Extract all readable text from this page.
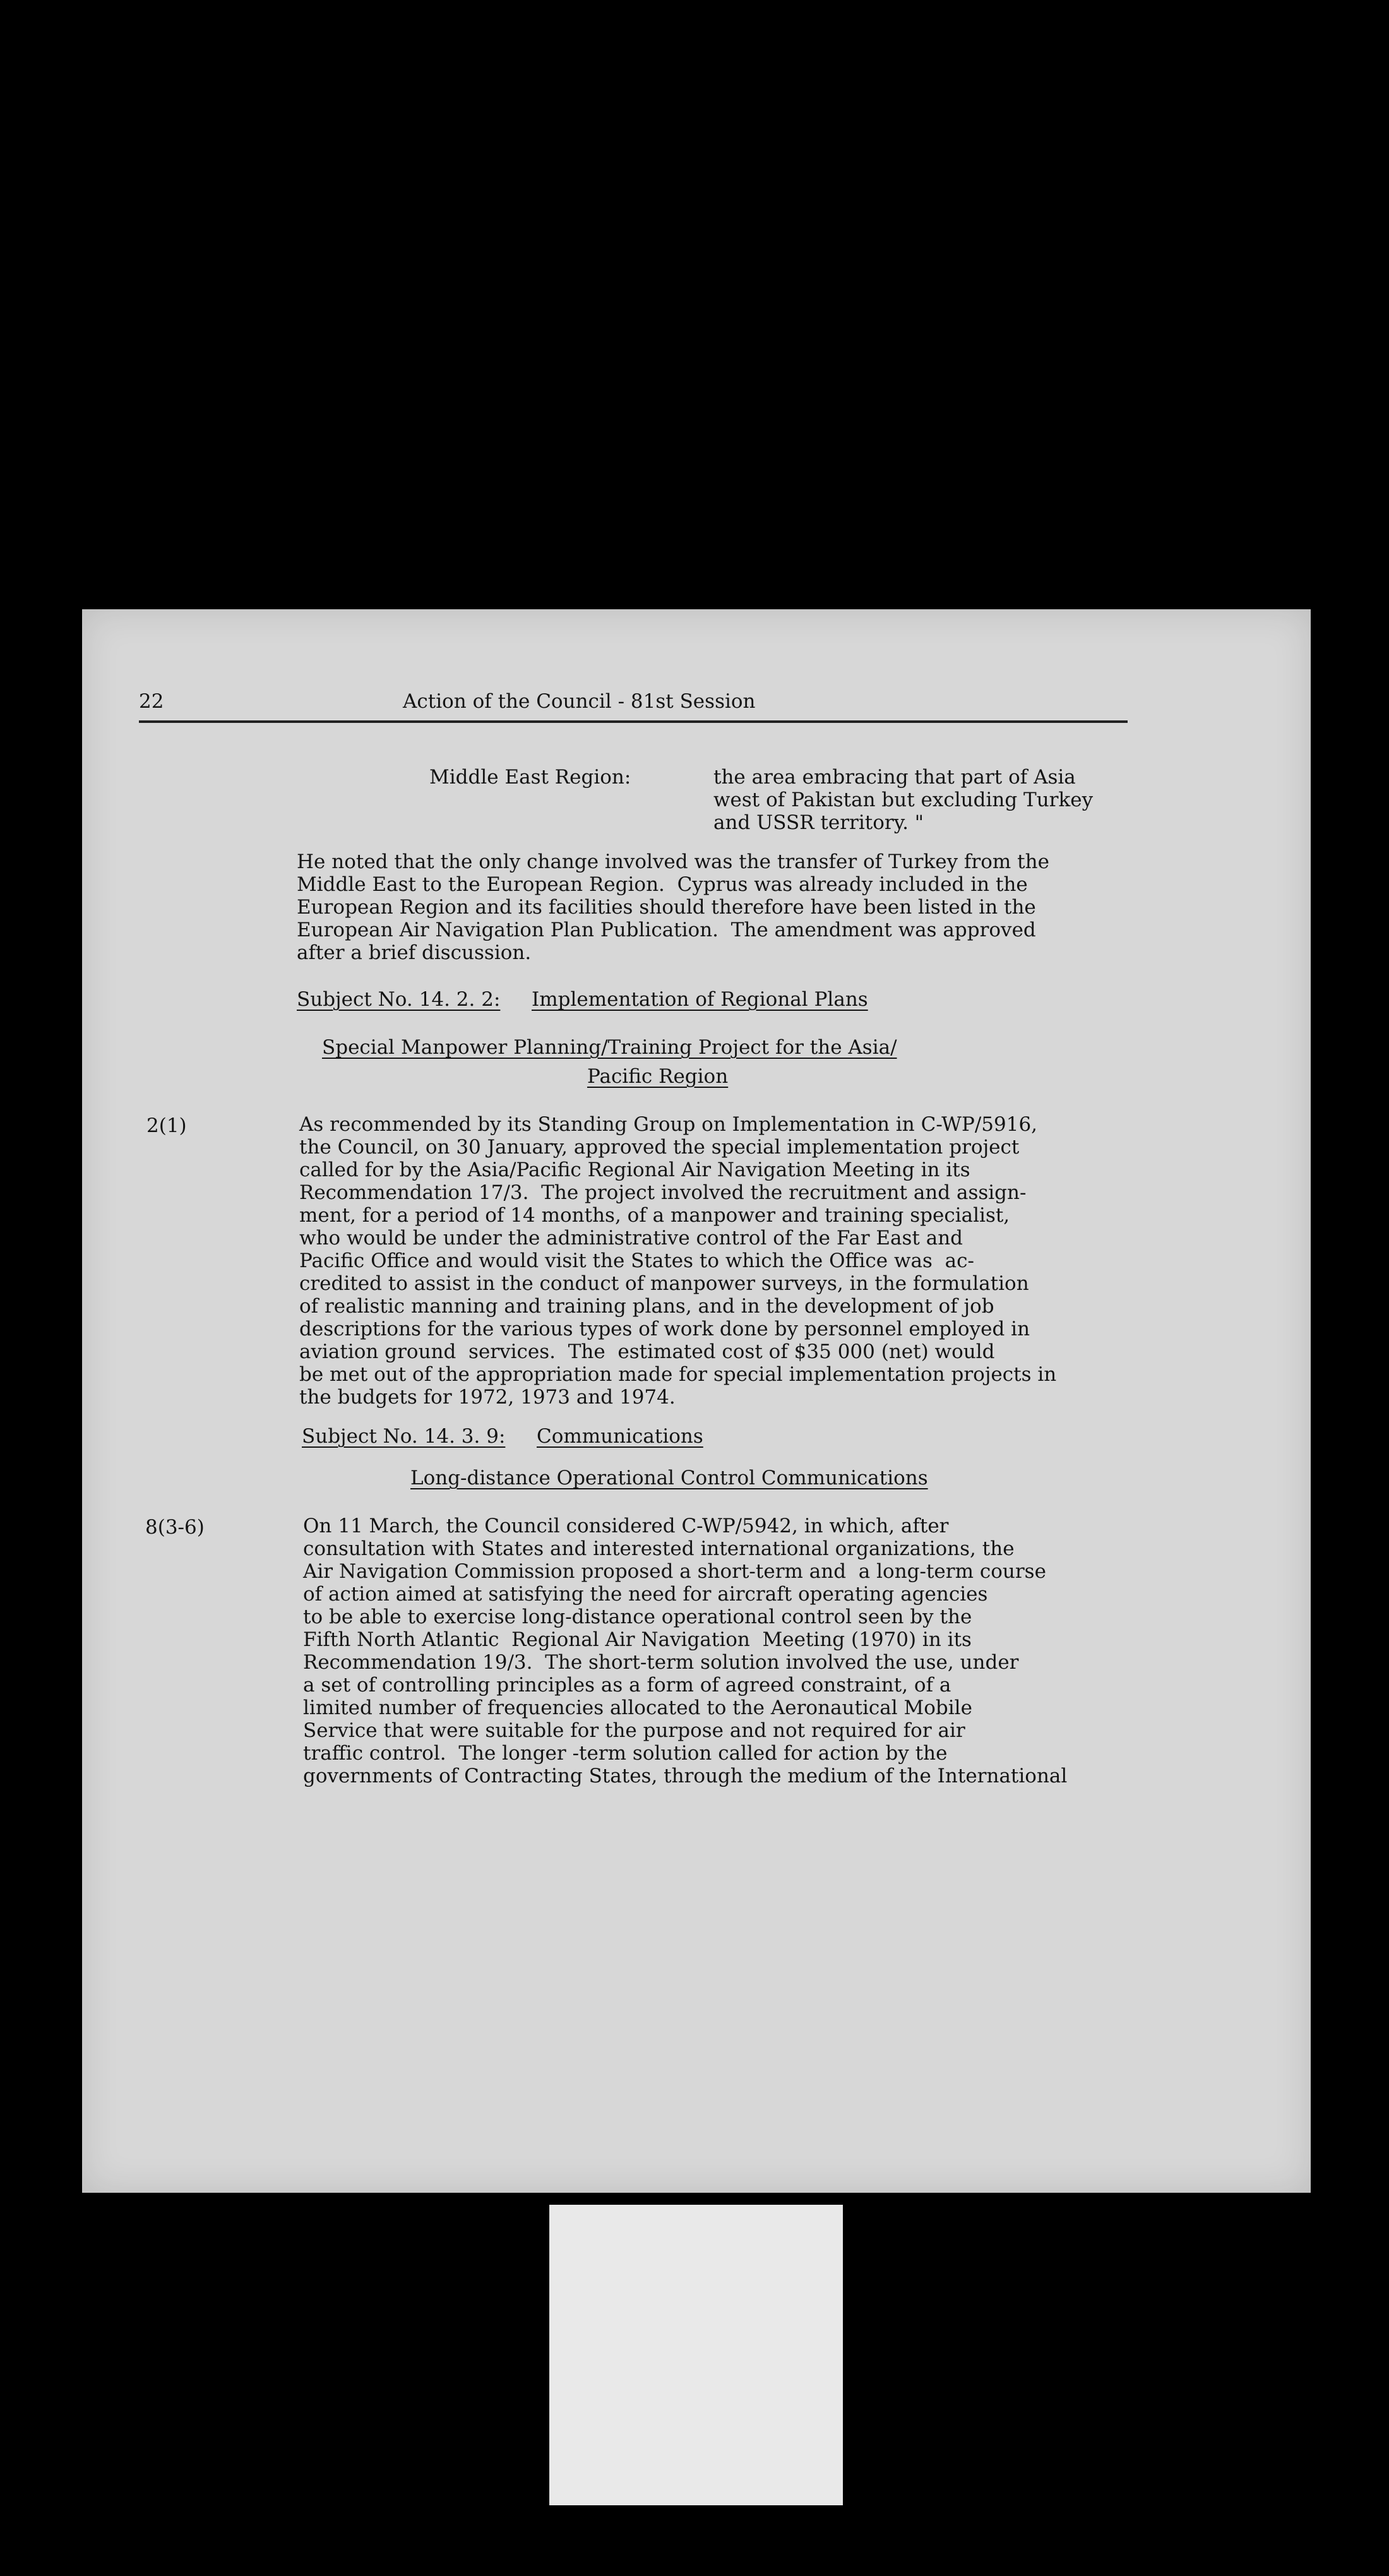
22	Action of the Council - 81st Session
Middle East Region:	the area embracing that part of Asia
west of Pakistan but excluding Turkey
and USSR territory. "
He noted that the only change involved was the transfer of Turkey from the
Middle East to the European Region.  Cyprus was already included in the
European Region and its facilities should therefore have been listed in the
European Air Navigation Plan Publication.  The amendment was approved
after a brief discussion.
Subject No. 14. 2. 2: Implementation of Regional Plans
Special Manpower Planning/Training Project for the Asia/
Pacific Region
2(1)	As recommended by its Standing Group on Implementation in C-WP/5916,
the Council, on 30 January, approved the special implementation project
called for by the Asia/Pacific Regional Air Navigation Meeting in its
Recommendation 17/3.  The project involved the recruitment and assign-
ment, for a period of 14 months, of a manpower and training specialist,
who would be under the administrative control of the Far East and
Pacific Office and would visit the States to which the Office was  ac-
credited to assist in the conduct of manpower surveys, in the formulation
of realistic manning and training plans, and in the development of job
descriptions for the various types of work done by personnel employed in
aviation ground  services.  The  estimated cost of $35 000 (net) would
be met out of the appropriation made for special implementation projects in
the budgets for 1972, 1973 and 1974.
Subject No. 14. 3. 9: Communications
Long-distance Operational Control Communications
8(3-6)	On 11 March, the Council considered C-WP/5942, in which, after
consultation with States and interested international organizations, the
Air Navigation Commission proposed a short-term and  a long-term course
of action aimed at satisfying the need for aircraft operating agencies
to be able to exercise long-distance operational control seen by the
Fifth North Atlantic  Regional Air Navigation  Meeting (1970) in its
Recommendation 19/3.  The short-term solution involved the use, under
a set of controlling principles as a form of agreed constraint, of a
limited number of frequencies allocated to the Aeronautical Mobile
Service that were suitable for the purpose and not required for air
traffic control.  The longer -term solution called for action by the
governments of Contracting States, through the medium of the International
